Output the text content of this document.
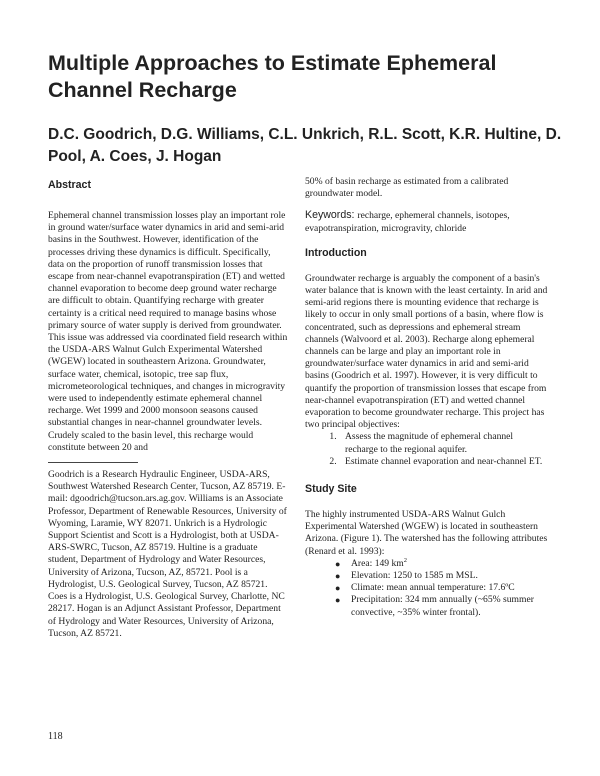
Multiple Approaches to Estimate Ephemeral Channel Recharge
D.C. Goodrich, D.G. Williams, C.L. Unkrich, R.L. Scott, K.R. Hultine, D. Pool, A. Coes, J. Hogan

Abstract

Ephemeral channel transmission losses play an important role in ground water/surface water dynamics in arid and semi-arid basins in the Southwest. However, identification of the processes driving these dynamics is difficult. Specifically, data on the proportion of runoff transmission losses that escape from near-channel evapotranspiration (ET) and wetted channel evaporation to become deep ground water recharge are difficult to obtain. Quantifying recharge with greater certainty is a critical need required to manage basins whose primary source of water supply is derived from groundwater. This issue was addressed via coordinated field research within the USDA-ARS Walnut Gulch Experimental Watershed (WGEW) located in southeastern Arizona. Groundwater, surface water, chemical, isotopic, tree sap flux, micrometeorological techniques, and changes in microgravity were used to independently estimate ephemeral channel recharge. Wet 1999 and 2000 monsoon seasons caused substantial changes in near-channel groundwater levels. Crudely scaled to the basin level, this recharge would constitute between 20 and

Goodrich is a Research Hydraulic Engineer, USDA-ARS, Southwest Watershed Research Center, Tucson, AZ 85719. E-mail: dgoodrich@tucson.ars.ag.gov. Williams is an Associate Professor, Department of Renewable Resources, University of Wyoming, Laramie, WY 82071. Unkrich is a Hydrologic Support Scientist and Scott is a Hydrologist, both at USDA-ARS-SWRC, Tucson, AZ 85719. Hultine is a graduate student, Department of Hydrology and Water Resources, University of Arizona, Tucson, AZ, 85721. Pool is a Hydrologist, U.S. Geological Survey, Tucson, AZ 85721. Coes is a Hydrologist, U.S. Geological Survey, Charlotte, NC 28217. Hogan is an Adjunct Assistant Professor, Department of Hydrology and Water Resources, University of Arizona, Tucson, AZ 85721.

50% of basin recharge as estimated from a calibrated groundwater model.

Keywords: recharge, ephemeral channels, isotopes, evapotranspiration, microgravity, chloride

Introduction

Groundwater recharge is arguably the component of a basin's water balance that is known with the least certainty. In arid and semi-arid regions there is mounting evidence that recharge is likely to occur in only small portions of a basin, where flow is concentrated, such as depressions and ephemeral stream channels (Walvoord et al. 2003). Recharge along ephemeral channels can be large and play an important role in groundwater/surface water dynamics in arid and semi-arid basins (Goodrich et al. 1997). However, it is very difficult to quantify the proportion of transmission losses that escape from near-channel evapotranspiration (ET) and wetted channel evaporation to become groundwater recharge. This project has two principal objectives:

1. Assess the magnitude of ephemeral channel recharge to the regional aquifer.
2. Estimate channel evaporation and near-channel ET.

Study Site

The highly instrumented USDA-ARS Walnut Gulch Experimental Watershed (WGEW) is located in southeastern Arizona. (Figure 1). The watershed has the following attributes (Renard et al. 1993):

● Area: 149 $km^2$
● Elevation: 1250 to 1585 m MSL.
● Climate: mean annual temperature: 17.6ºC
● Precipitation: 324 mm annually (~65% summer convective, ~35% winter frontal).
118
